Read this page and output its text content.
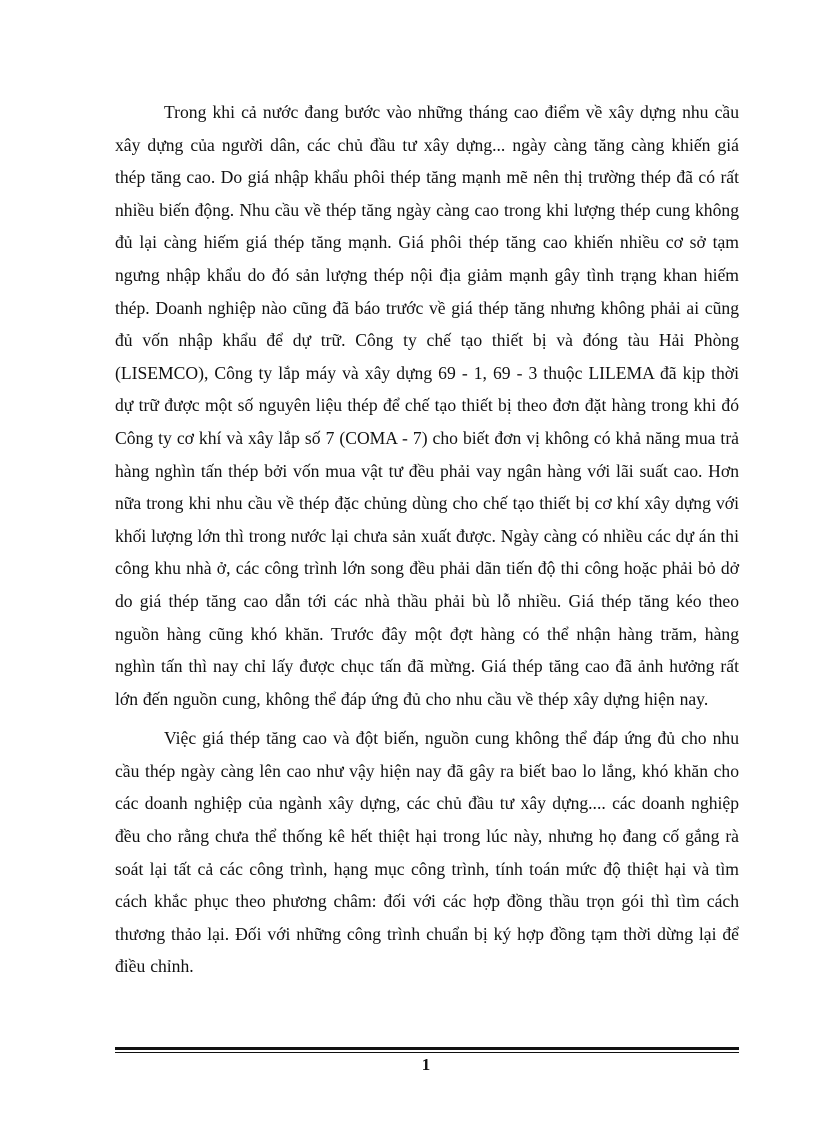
Trong khi cả nước đang bước vào những tháng cao điểm về xây dựng nhu cầu xây dựng của người dân, các chủ đầu tư xây dựng... ngày càng tăng càng khiến giá thép tăng cao. Do giá nhập khẩu phôi thép tăng mạnh mẽ nên thị trường thép đã có rất nhiều biến động. Nhu cầu về thép tăng ngày càng cao trong khi lượng thép cung không đủ lại càng hiếm giá thép tăng mạnh. Giá phôi thép tăng cao khiến nhiều cơ sở tạm ngưng nhập khẩu do đó sản lượng thép nội địa giảm mạnh gây tình trạng khan hiếm thép. Doanh nghiệp nào cũng đã báo trước về giá thép tăng nhưng không phải ai cũng đủ vốn nhập khẩu để dự trữ. Công ty chế tạo thiết bị và đóng tàu Hải Phòng (LISEMCO), Công ty lắp máy và xây dựng 69 - 1, 69 - 3 thuộc LILEMA đã kịp thời dự trữ được một số nguyên liệu thép để chế tạo thiết bị theo đơn đặt hàng trong khi đó Công ty cơ khí và xây lắp số 7 (COMA - 7) cho biết đơn vị không có khả năng mua trả hàng nghìn tấn thép bởi vốn mua vật tư đều phải vay ngân hàng với lãi suất cao. Hơn nữa trong khi nhu cầu về thép đặc chủng dùng cho chế tạo thiết bị cơ khí xây dựng với khối lượng lớn thì trong nước lại chưa sản xuất được. Ngày càng có nhiều các dự án thi công khu nhà ở, các công trình lớn song đều phải dãn tiến độ thi công hoặc phải bỏ dở do giá thép tăng cao dẫn tới các nhà thầu phải bù lỗ nhiều. Giá thép tăng kéo theo nguồn hàng cũng khó khăn. Trước đây một đợt hàng có thể nhận hàng trăm, hàng nghìn tấn thì nay chỉ lấy được chục tấn đã mừng. Giá thép tăng cao đã ảnh hưởng rất lớn đến nguồn cung, không thể đáp ứng đủ cho nhu cầu về thép xây dựng hiện nay.

Việc giá thép tăng cao và đột biến, nguồn cung không thể đáp ứng đủ cho nhu cầu thép ngày càng lên cao như vậy hiện nay đã gây ra biết bao lo lắng, khó khăn cho các doanh nghiệp của ngành xây dựng, các chủ đầu tư xây dựng.... các doanh nghiệp đều cho rằng chưa thể thống kê hết thiệt hại trong lúc này, nhưng họ đang cố gắng rà soát lại tất cả các công trình, hạng mục công trình, tính toán mức độ thiệt hại và tìm cách khắc phục theo phương châm: đối với các hợp đồng thầu trọn gói thì tìm cách thương thảo lại. Đối với những công trình chuẩn bị ký hợp đồng tạm thời dừng lại để điều chỉnh.

1
